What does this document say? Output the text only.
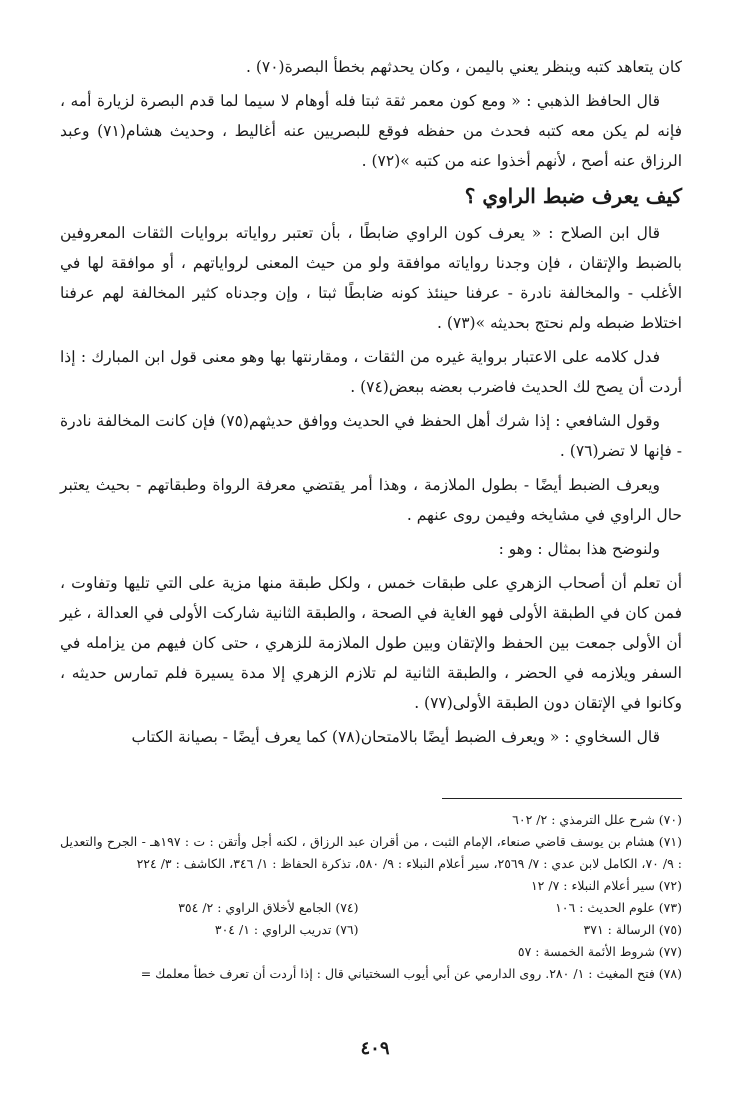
كان يتعاهد كتبه وينظر يعني باليمن ، وكان يحدثهم بخطأ البصرة(٧٠) .

قال الحافظ الذهبي : « ومع كون معمر ثقة ثبتا فله أوهام لا سيما لما قدم البصرة لزيارة أمه ، فإنه لم يكن معه كتبه فحدث من حفظه فوقع للبصريين عنه أغاليط ، وحديث هشام(٧١) وعبد الرزاق عنه أصح ، لأنهم أخذوا عنه من كتبه »(٧٢) .

كيف يعرف ضبط الراوي ؟

قال ابن الصلاح : « يعرف كون الراوي ضابطًا ، بأن تعتبر رواياته بروايات الثقات المعروفين بالضبط والإتقان ، فإن وجدنا رواياته موافقة ولو من حيث المعنى لرواياتهم ، أو موافقة لها في الأغلب - والمخالفة نادرة - عرفنا حينئذ كونه ضابطًا ثبتا ، وإن وجدناه كثير المخالفة لهم عرفنا اختلاط ضبطه ولم نحتج بحديثه »(٧٣) .

فدل كلامه على الاعتبار برواية غيره من الثقات ، ومقارنتها بها وهو معنى قول ابن المبارك : إذا أردت أن يصح لك الحديث فاضرب بعضه ببعض(٧٤) .

وقول الشافعي : إذا شرك أهل الحفظ في الحديث ووافق حديثهم(٧٥) فإن كانت المخالفة نادرة - فإنها لا تضر(٧٦) .

ويعرف الضبط أيضًا - بطول الملازمة ، وهذا أمر يقتضي معرفة الرواة وطبقاتهم - بحيث يعتبر حال الراوي في مشايخه وفيمن روى عنهم .

ولنوضح هذا بمثال : وهو :

أن تعلم أن أصحاب الزهري على طبقات خمس ، ولكل طبقة منها مزية على التي تليها وتفاوت ، فمن كان في الطبقة الأولى فهو الغاية في الصحة ، والطبقة الثانية شاركت الأولى في العدالة ، غير أن الأولى جمعت بين الحفظ والإتقان وبين طول الملازمة للزهري ، حتى كان فيهم من يزامله في السفر ويلازمه في الحضر ، والطبقة الثانية لم تلازم الزهري إلا مدة يسيرة فلم تمارس حديثه ، وكانوا في الإتقان دون الطبقة الأولى(٧٧) .

قال السخاوي : « ويعرف الضبط أيضًا بالامتحان(٧٨) كما يعرف أيضًا - بصيانة الكتاب

(٧٠) شرح علل الترمذي : ٢/ ٦٠٢

(٧١) هشام بن يوسف قاضي صنعاء، الإمام الثبت ، من أقران عبد الرزاق ، لكنه أجل وأتقن : ت : ١٩٧هـ - الجرح والتعديل : ٩/ ٧٠، الكامل لابن عدي : ٧/ ٢٥٦٩، سير أعلام النبلاء : ٩/ ٥٨٠، تذكرة الحفاظ : ١/ ٣٤٦، الكاشف : ٣/ ٢٢٤

(٧٢) سير أعلام النبلاء : ٧/ ١٢

(٧٣) علوم الحديث : ١٠٦

(٧٤) الجامع لأخلاق الراوي : ٢/ ٣٥٤

(٧٥) الرسالة : ٣٧١

(٧٦) تدريب الراوي : ١/ ٣٠٤

(٧٧) شروط الأئمة الخمسة : ٥٧

(٧٨) فتح المغيث : ١/ ٢٨٠. روى الدارمي عن أبي أيوب السختياني قال : إذا أردت أن تعرف خطأ معلمك =

٤٠٩
